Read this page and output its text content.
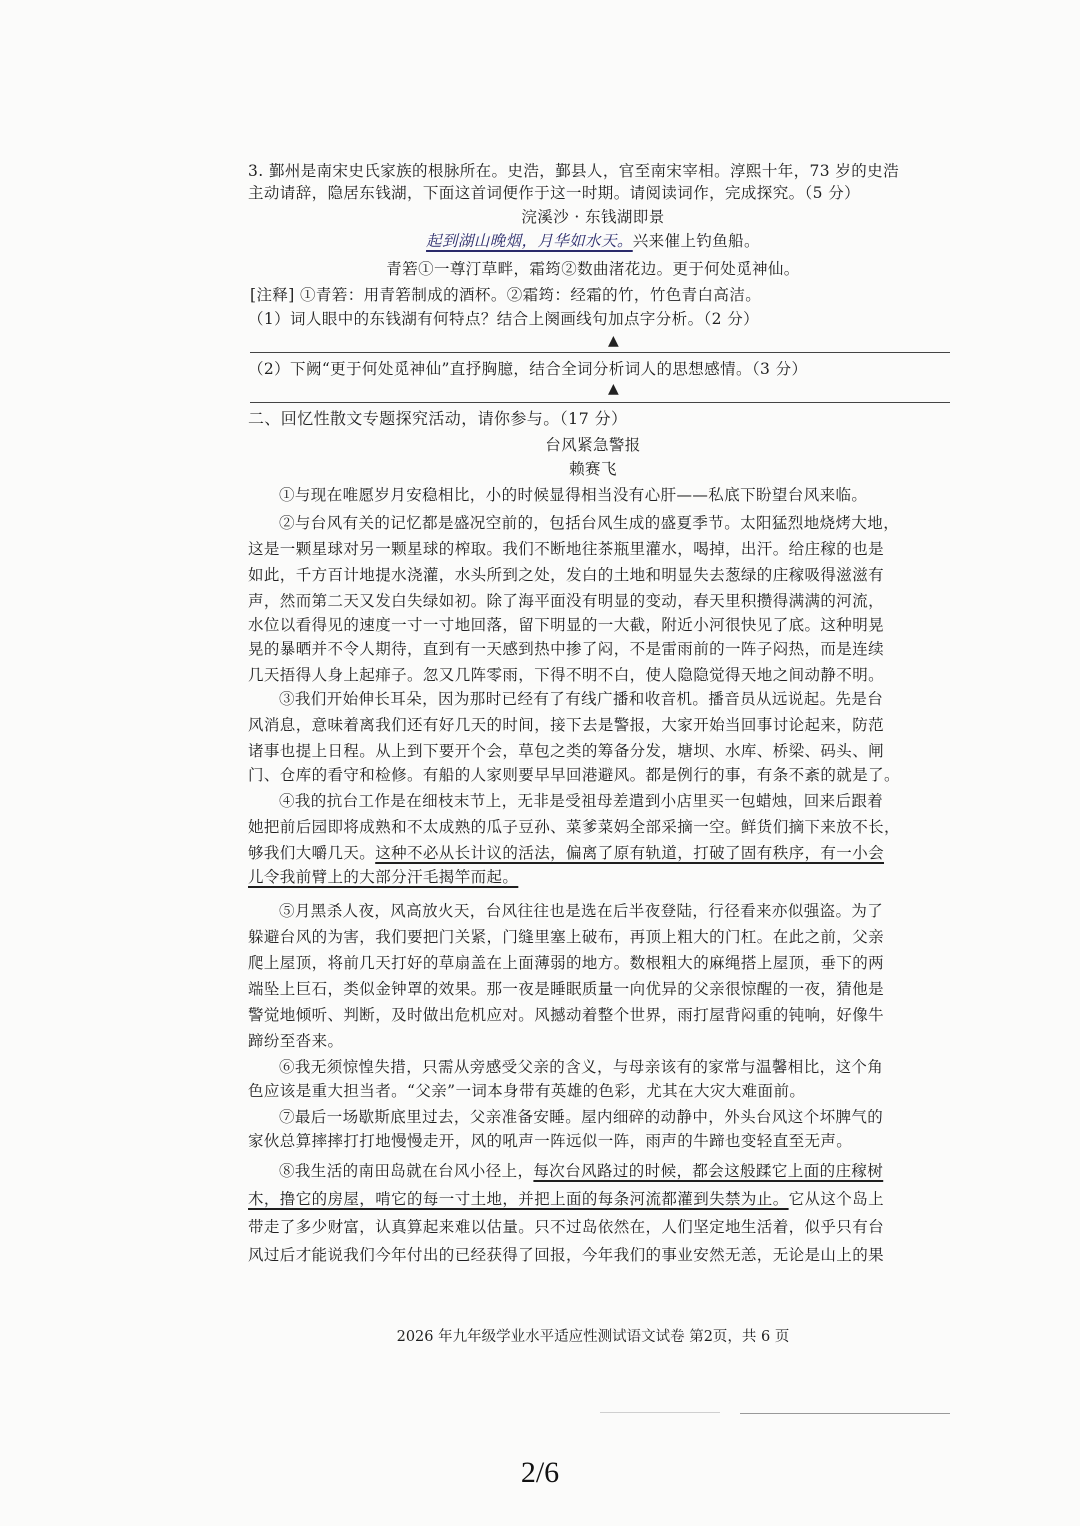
3. 鄞州是南宋史氏家族的根脉所在。史浩，鄞县人，官至南宋宰相。淳熙十年，73 岁的史浩

主动请辞，隐居东钱湖，下面这首词便作于这一时期。请阅读词作，完成探究。（5 分）

浣溪沙 · 东钱湖即景

起到湖山晚烟，月华如水天。兴来催上钓鱼船。

青箬①一尊汀草畔，霜筠②数曲渚花边。更于何处觅神仙。

[注释] ①青箬：用青箬制成的酒杯。②霜筠：经霜的竹，竹色青白高洁。

（1）词人眼中的东钱湖有何特点？结合上阕画线句加点字分析。（2 分）

▲

（2）下阙“更于何处觅神仙”直抒胸臆，结合全词分析词人的思想感情。（3 分）

▲

二、回忆性散文专题探究活动，请你参与。（17 分）

台风紧急警报

赖赛飞

①与现在唯愿岁月安稳相比，小的时候显得相当没有心肝——私底下盼望台风来临。

②与台风有关的记忆都是盛况空前的，包括台风生成的盛夏季节。太阳猛烈地烧烤大地，

这是一颗星球对另一颗星球的榨取。我们不断地往茶瓶里灌水，喝掉，出汗。给庄稼的也是

如此，千方百计地提水浇灌，水头所到之处，发白的土地和明显失去葱绿的庄稼吸得滋滋有

声，然而第二天又发白失绿如初。除了海平面没有明显的变动，春天里积攒得满满的河流，

水位以看得见的速度一寸一寸地回落，留下明显的一大截，附近小河很快见了底。这种明晃

晃的暴晒并不令人期待，直到有一天感到热中掺了闷，不是雷雨前的一阵子闷热，而是连续

几天捂得人身上起痱子。忽又几阵零雨，下得不明不白，使人隐隐觉得天地之间动静不明。

③我们开始伸长耳朵，因为那时已经有了有线广播和收音机。播音员从远说起。先是台

风消息，意味着离我们还有好几天的时间，接下去是警报，大家开始当回事讨论起来，防范

诸事也提上日程。从上到下要开个会，草包之类的筹备分发，塘坝、水库、桥梁、码头、闸

门、仓库的看守和检修。有船的人家则要早早回港避风。都是例行的事，有条不紊的就是了。

④我的抗台工作是在细枝末节上，无非是受祖母差遣到小店里买一包蜡烛，回来后跟着

她把前后园即将成熟和不太成熟的瓜子豆孙、菜爹菜妈全部采摘一空。鲜货们摘下来放不长，

够我们大嚼几天。这种不必从长计议的活法，偏离了原有轨道，打破了固有秩序，有一小会

儿令我前臂上的大部分汗毛揭竿而起。

⑤月黑杀人夜，风高放火天，台风往往也是选在后半夜登陆，行径看来亦似强盗。为了

躲避台风的为害，我们要把门关紧，门缝里塞上破布，再顶上粗大的门杠。在此之前，父亲

爬上屋顶，将前几天打好的草扇盖在上面薄弱的地方。数根粗大的麻绳搭上屋顶，垂下的两

端坠上巨石，类似金钟罩的效果。那一夜是睡眠质量一向优异的父亲很惊醒的一夜，猜他是

警觉地倾听、判断，及时做出危机应对。风撼动着整个世界，雨打屋背闷重的钝响，好像牛

蹄纷至沓来。

⑥我无须惊惶失措，只需从旁感受父亲的含义，与母亲该有的家常与温馨相比，这个角

色应该是重大担当者。“父亲”一词本身带有英雄的色彩，尤其在大灾大难面前。

⑦最后一场歇斯底里过去，父亲准备安睡。屋内细碎的动静中，外头台风这个坏脾气的

家伙总算摔摔打打地慢慢走开，风的吼声一阵远似一阵，雨声的牛蹄也变轻直至无声。

⑧我生活的南田岛就在台风小径上，每次台风路过的时候，都会这般蹂它上面的庄稼树

木，撸它的房屋，啃它的每一寸土地，并把上面的每条河流都灌到失禁为止。它从这个岛上

带走了多少财富，认真算起来难以估量。只不过岛依然在，人们坚定地生活着，似乎只有台

风过后才能说我们今年付出的已经获得了回报，今年我们的事业安然无恙，无论是山上的果

2026 年九年级学业水平适应性测试语文试卷 第2页，共 6 页

2/6
